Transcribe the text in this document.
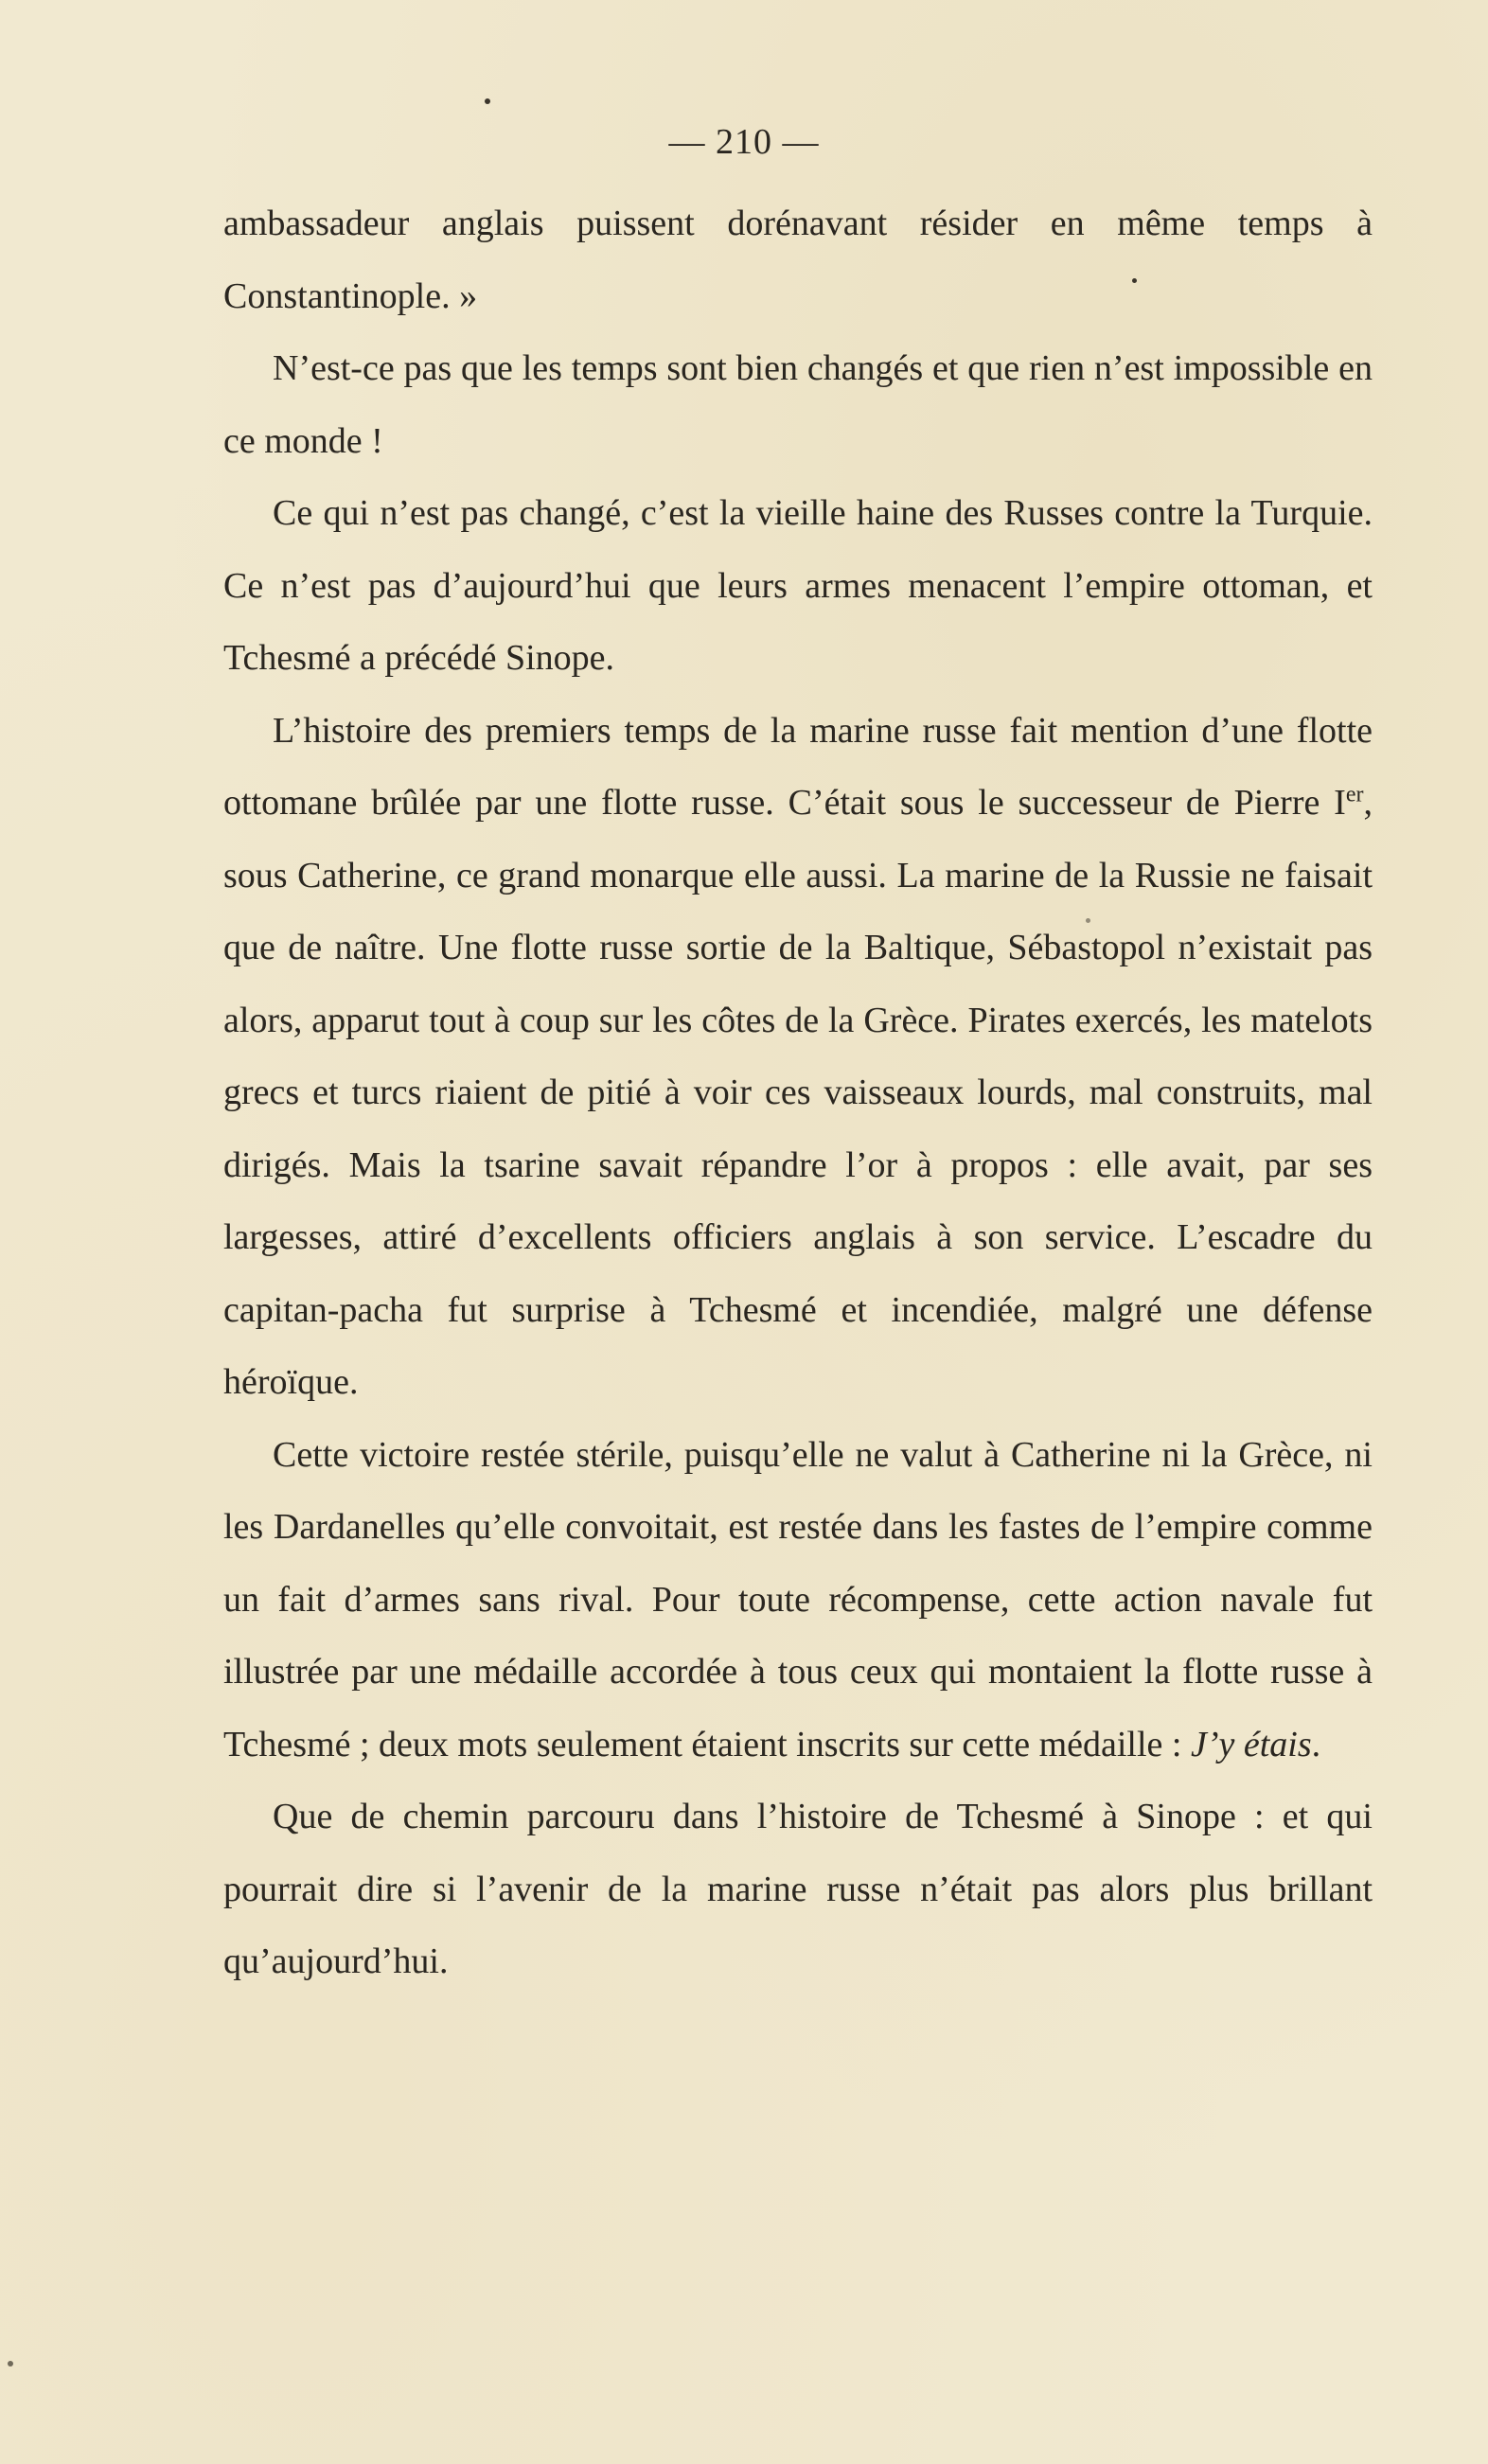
— 210 —

ambassadeur anglais puissent dorénavant résider en même temps à Constantinople. »

N’est-ce pas que les temps sont bien changés et que rien n’est impossible en ce monde !

Ce qui n’est pas changé, c’est la vieille haine des Russes contre la Turquie. Ce n’est pas d’aujourd’hui que leurs armes menacent l’empire ottoman, et Tchesmé a précédé Sinope.

L’histoire des premiers temps de la marine russe fait mention d’une flotte ottomane brûlée par une flotte russe. C’était sous le successeur de Pierre Ier, sous Catherine, ce grand monarque elle aussi. La marine de la Russie ne faisait que de naître. Une flotte russe sortie de la Baltique, Sébastopol n’existait pas alors, apparut tout à coup sur les côtes de la Grèce. Pirates exercés, les matelots grecs et turcs riaient de pitié à voir ces vaisseaux lourds, mal construits, mal dirigés. Mais la tsarine savait répandre l’or à propos : elle avait, par ses largesses, attiré d’excellents officiers anglais à son service. L’escadre du capitan-pacha fut surprise à Tchesmé et incendiée, malgré une défense héroïque.

Cette victoire restée stérile, puisqu’elle ne valut à Catherine ni la Grèce, ni les Dardanelles qu’elle convoitait, est restée dans les fastes de l’empire comme un fait d’armes sans rival. Pour toute récompense, cette action navale fut illustrée par une médaille accordée à tous ceux qui montaient la flotte russe à Tchesmé ; deux mots seulement étaient inscrits sur cette médaille : J’y étais.

Que de chemin parcouru dans l’histoire de Tchesmé à Sinope : et qui pourrait dire si l’avenir de la marine russe n’était pas alors plus brillant qu’aujourd’hui.
